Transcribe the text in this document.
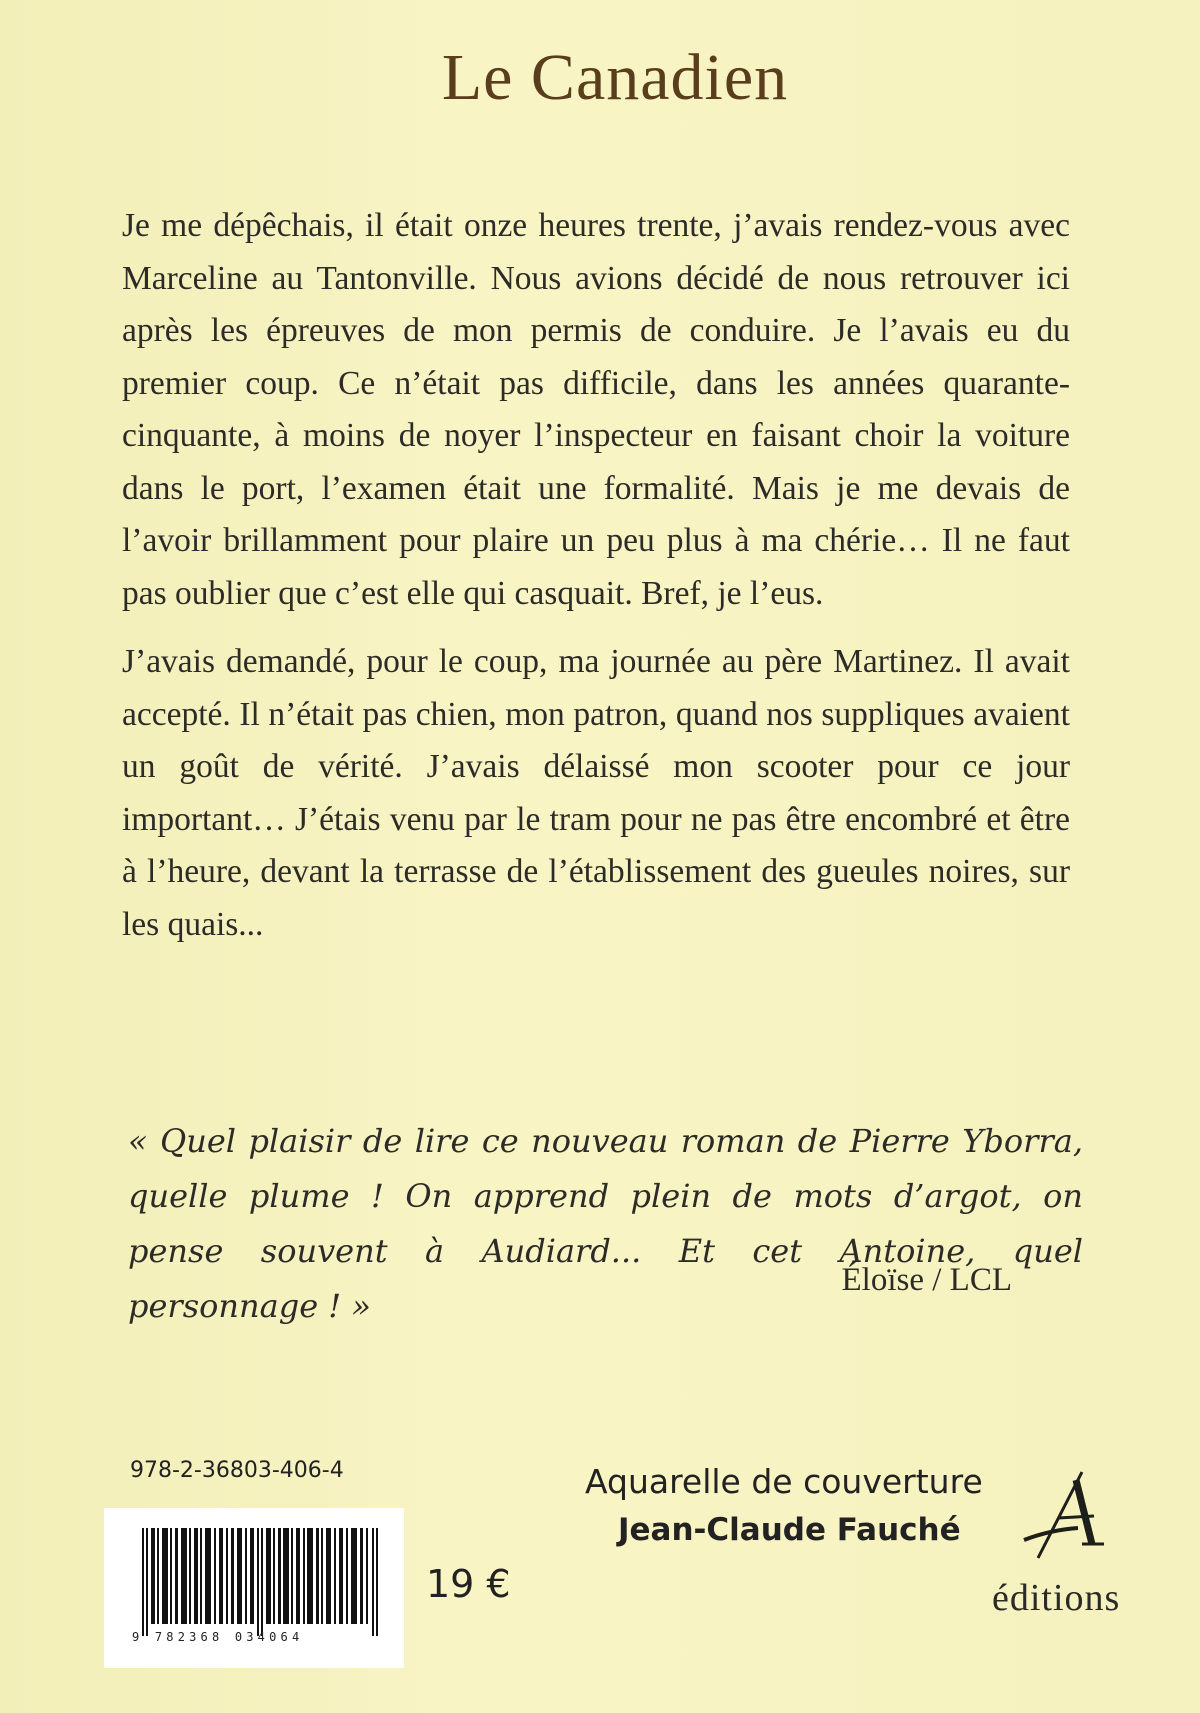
Le Canadien

Je me dépêchais, il était onze heures trente, j’avais rendez-vous avec Marceline au Tantonville. Nous avions décidé de nous retrouver ici après les épreuves de mon permis de conduire. Je l’avais eu du premier coup. Ce n’était pas difficile, dans les années quarante-cinquante, à moins de noyer l’inspecteur en faisant choir la voiture dans le port, l’examen était une formalité. Mais je me devais de l’avoir brillamment pour plaire un peu plus à ma chérie… Il ne faut pas oublier que c’est elle qui casquait. Bref, je l’eus.

J’avais demandé, pour le coup, ma journée au père Martinez. Il avait accepté. Il n’était pas chien, mon patron, quand nos suppliques avaient un goût de vérité. J’avais délaissé mon scooter pour ce jour important… J’étais venu par le tram pour ne pas être encombré et être à l’heure, devant la terrasse de l’établissement des gueules noires, sur les quais...

« Quel plaisir de lire ce nouveau roman de Pierre Yborra, quelle plume ! On apprend plein de mots d’argot, on pense souvent à Audiard... Et cet Antoine, quel personnage ! »
Éloïse / LCL
978-2-36803-406-4
9 782368 034064
19 €
Aquarelle de couverture
Jean-Claude Fauché
éditions
